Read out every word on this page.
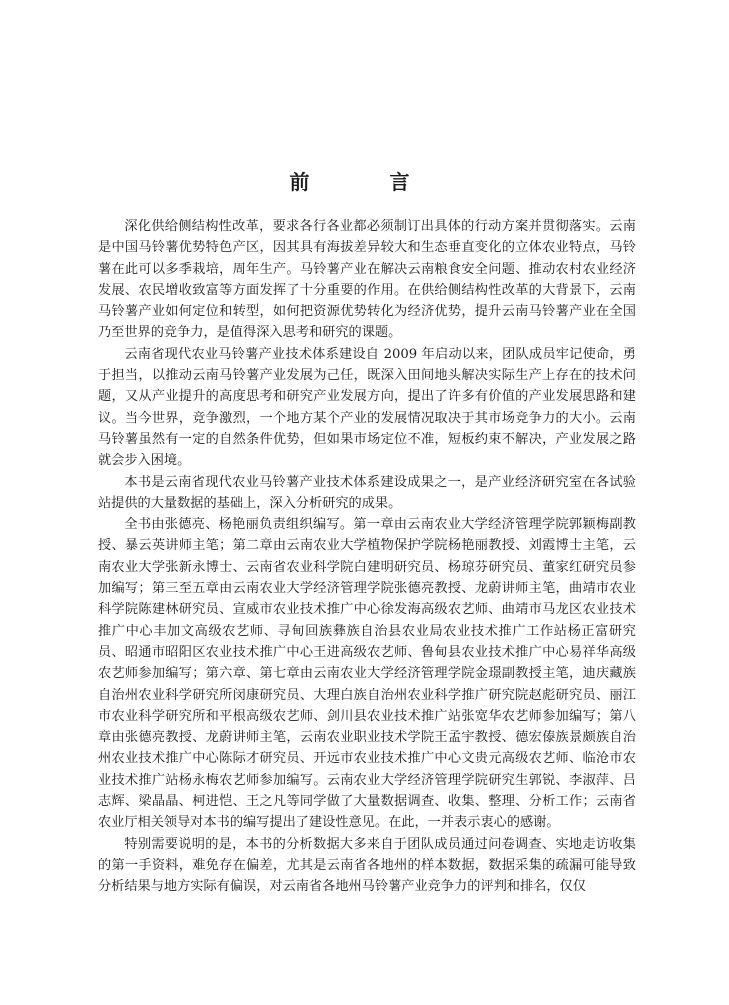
前　言

深化供给侧结构性改革，要求各行各业都必须制订出具体的行动方案并贯彻落实。云南是中国马铃薯优势特色产区，因其具有海拔差异较大和生态垂直变化的立体农业特点，马铃薯在此可以多季栽培，周年生产。马铃薯产业在解决云南粮食安全问题、推动农村农业经济发展、农民增收致富等方面发挥了十分重要的作用。在供给侧结构性改革的大背景下，云南马铃薯产业如何定位和转型，如何把资源优势转化为经济优势，提升云南马铃薯产业在全国乃至世界的竞争力，是值得深入思考和研究的课题。

云南省现代农业马铃薯产业技术体系建设自 2009 年启动以来，团队成员牢记使命，勇于担当，以推动云南马铃薯产业发展为己任，既深入田间地头解决实际生产上存在的技术问题，又从产业提升的高度思考和研究产业发展方向，提出了许多有价值的产业发展思路和建议。当今世界，竞争激烈，一个地方某个产业的发展情况取决于其市场竞争力的大小。云南马铃薯虽然有一定的自然条件优势，但如果市场定位不准，短板约束不解决，产业发展之路就会步入困境。

本书是云南省现代农业马铃薯产业技术体系建设成果之一，是产业经济研究室在各试验站提供的大量数据的基础上，深入分析研究的成果。

全书由张德亮、杨艳丽负责组织编写。第一章由云南农业大学经济管理学院郭颖梅副教授、暴云英讲师主笔；第二章由云南农业大学植物保护学院杨艳丽教授、刘霞博士主笔，云南农业大学张新永博士、云南省农业科学院白建明研究员、杨琼芬研究员、董家红研究员参加编写；第三至五章由云南农业大学经济管理学院张德亮教授、龙蔚讲师主笔，曲靖市农业科学院陈建林研究员、宣威市农业技术推广中心徐发海高级农艺师、曲靖市马龙区农业技术推广中心丰加文高级农艺师、寻甸回族彝族自治县农业局农业技术推广工作站杨正富研究员、昭通市昭阳区农业技术推广中心王进高级农艺师、鲁甸县农业技术推广中心易祥华高级农艺师参加编写；第六章、第七章由云南农业大学经济管理学院金璟副教授主笔，迪庆藏族自治州农业科学研究所闵康研究员、大理白族自治州农业科学推广研究院赵彪研究员、丽江市农业科学研究所和平根高级农艺师、剑川县农业技术推广站张宽华农艺师参加编写；第八章由张德亮教授、龙蔚讲师主笔，云南农业职业技术学院王孟宇教授、德宏傣族景颇族自治州农业技术推广中心陈际才研究员、开远市农业技术推广中心文贵元高级农艺师、临沧市农业技术推广站杨永梅农艺师参加编写。云南农业大学经济管理学院研究生郭锐、李淑萍、吕志辉、梁晶晶、柯进恺、王之凡等同学做了大量数据调查、收集、整理、分析工作；云南省农业厅相关领导对本书的编写提出了建设性意见。在此，一并表示衷心的感谢。

特别需要说明的是，本书的分析数据大多来自于团队成员通过问卷调查、实地走访收集的第一手资料，难免存在偏差，尤其是云南省各地州的样本数据，数据采集的疏漏可能导致分析结果与地方实际有偏误，对云南省各地州马铃薯产业竞争力的评判和排名，仅仅
